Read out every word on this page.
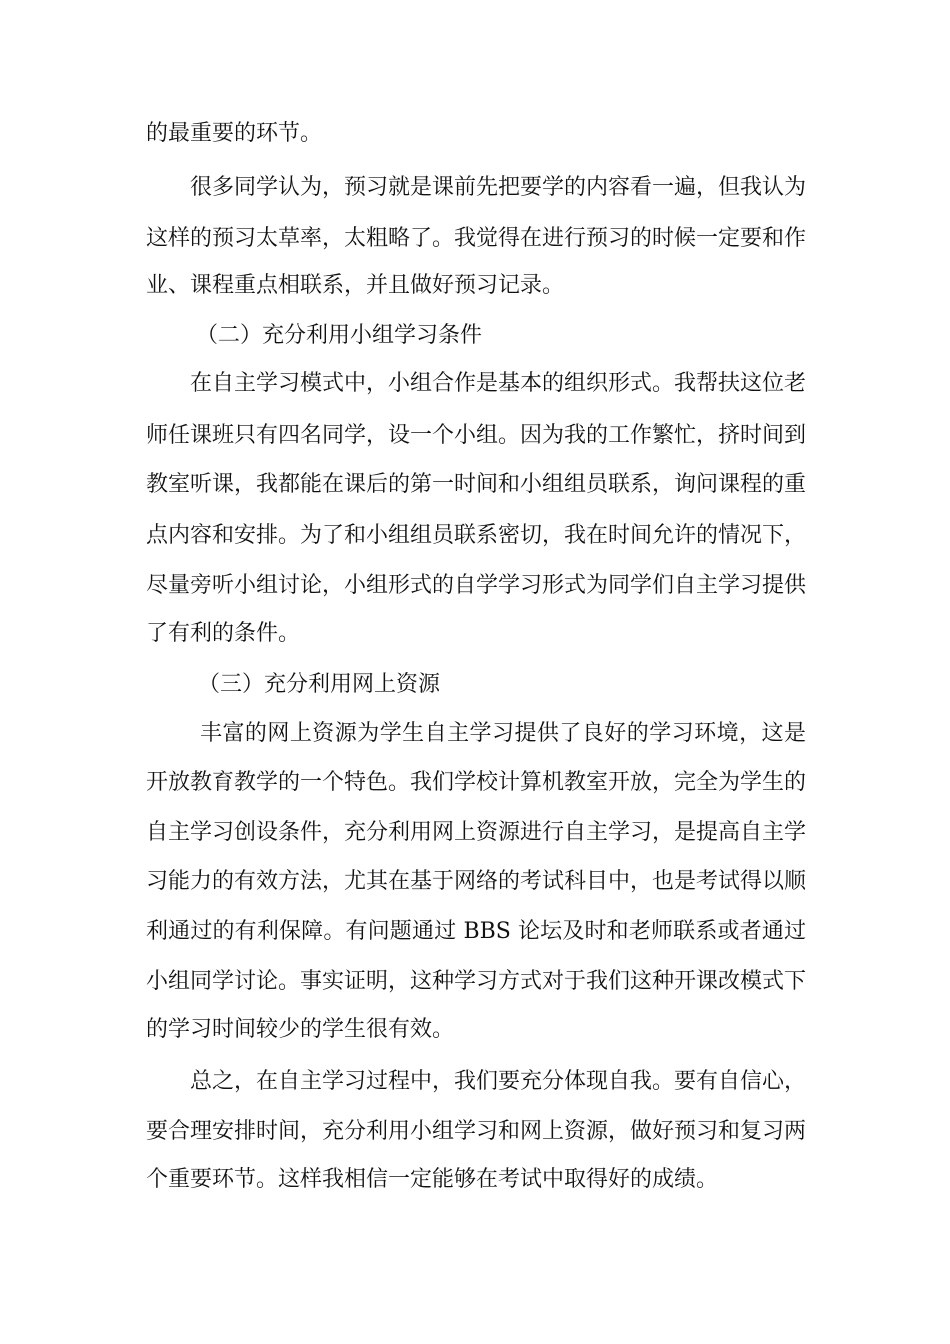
的最重要的环节。
很多同学认为，预习就是课前先把要学的内容看一遍，但我认为
这样的预习太草率，太粗略了。我觉得在进行预习的时候一定要和作
业、课程重点相联系，并且做好预习记录。
（二）充分利用小组学习条件
在自主学习模式中，小组合作是基本的组织形式。我帮扶这位老
师任课班只有四名同学，设一个小组。因为我的工作繁忙，挤时间到
教室听课，我都能在课后的第一时间和小组组员联系，询问课程的重
点内容和安排。为了和小组组员联系密切，我在时间允许的情况下，
尽量旁听小组讨论，小组形式的自学学习形式为同学们自主学习提供
了有利的条件。
（三）充分利用网上资源
丰富的网上资源为学生自主学习提供了良好的学习环境，这是
开放教育教学的一个特色。我们学校计算机教室开放，完全为学生的
自主学习创设条件，充分利用网上资源进行自主学习，是提高自主学
习能力的有效方法，尤其在基于网络的考试科目中，也是考试得以顺
利通过的有利保障。有问题通过 BBS 论坛及时和老师联系或者通过
小组同学讨论。事实证明，这种学习方式对于我们这种开课改模式下
的学习时间较少的学生很有效。
总之，在自主学习过程中，我们要充分体现自我。要有自信心，
要合理安排时间，充分利用小组学习和网上资源，做好预习和复习两
个重要环节。这样我相信一定能够在考试中取得好的成绩。
